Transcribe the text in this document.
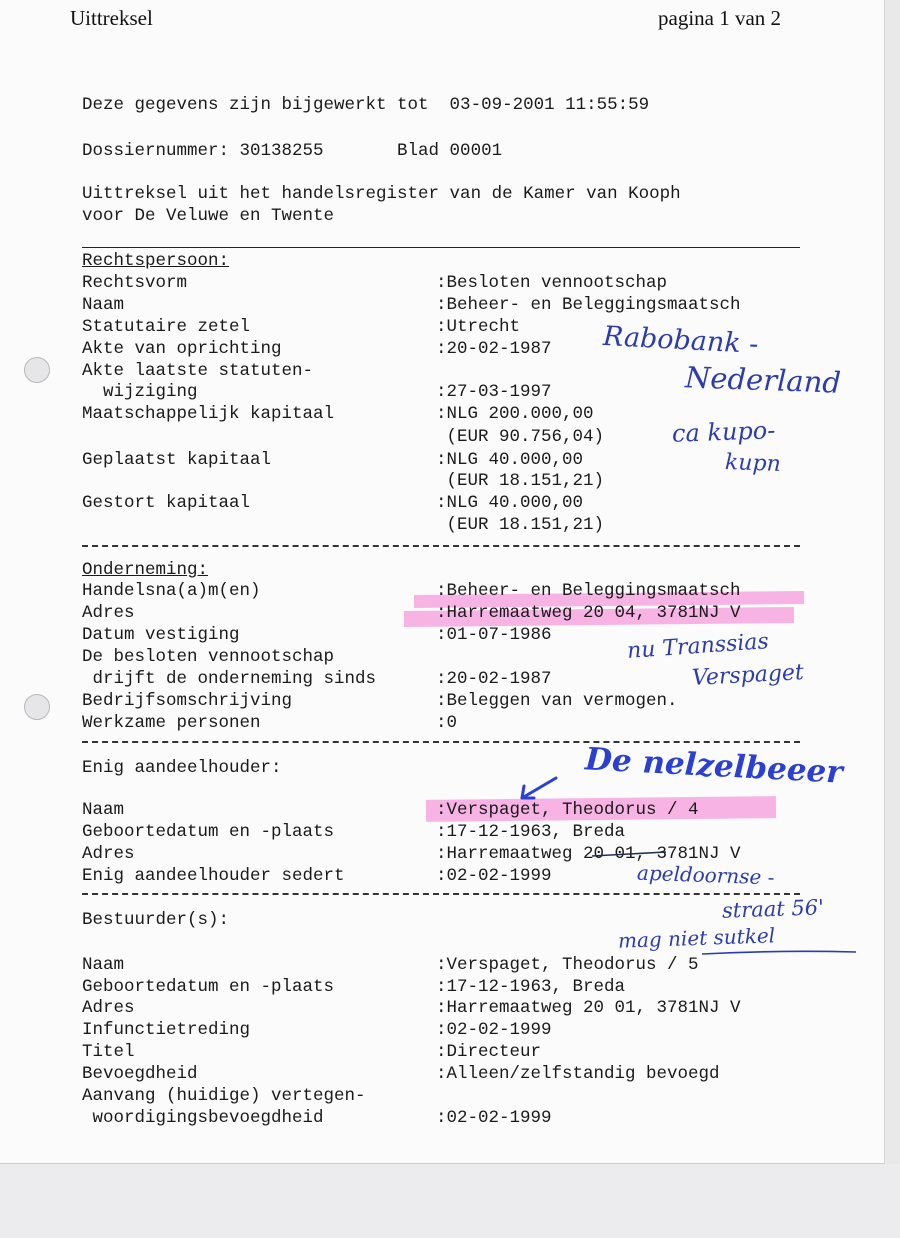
Uittreksel	pagina 1 van 2
Deze gegevens zijn bijgewerkt tot  03-09-2001 11:55:59
Dossiernummer: 30138255       Blad 00001
Uittreksel uit het handelsregister van de Kamer van Kooph
voor De Veluwe en Twente
Rechtspersoon:
Rechtsvorm	:Besloten vennootschap
Naam	:Beheer- en Beleggingsmaatsch
Statutaire zetel	:Utrecht
Akte van oprichting	:20-02-1987
Akte laatste statuten-
wijziging	:27-03-1997
Maatschappelijk kapitaal	:NLG 200.000,00
(EUR 90.756,04)
Geplaatst kapitaal	:NLG 40.000,00
(EUR 18.151,21)
Gestort kapitaal	:NLG 40.000,00
(EUR 18.151,21)
Onderneming:
Handelsna(a)m(en)	:Beheer- en Beleggingsmaatsch
Adres	:Harremaatweg 20 04, 3781NJ V
Datum vestiging	:01-07-1986
De besloten vennootschap
drijft de onderneming sinds	:20-02-1987
Bedrijfsomschrijving	:Beleggen van vermogen.
Werkzame personen	:0
Enig aandeelhouder:
Naam	:Verspaget, Theodorus / 4
Geboortedatum en -plaats	:17-12-1963, Breda
Adres	:Harremaatweg 20 01, 3781NJ V
Enig aandeelhouder sedert	:02-02-1999
Bestuurder(s):
Naam	:Verspaget, Theodorus / 5
Geboortedatum en -plaats	:17-12-1963, Breda
Adres	:Harremaatweg 20 01, 3781NJ V
Infunctietreding	:02-02-1999
Titel	:Directeur
Bevoegdheid	:Alleen/zelfstandig bevoegd
Aanvang (huidige) vertegen-
woordigingsbevoegdheid	:02-02-1999
Rabobank -
Nederland
ca kupo-
kupn
nu Transsias
Verspaget
De nelzelbeeer
apeldoornse -
straat 56'
mag niet sutkel
